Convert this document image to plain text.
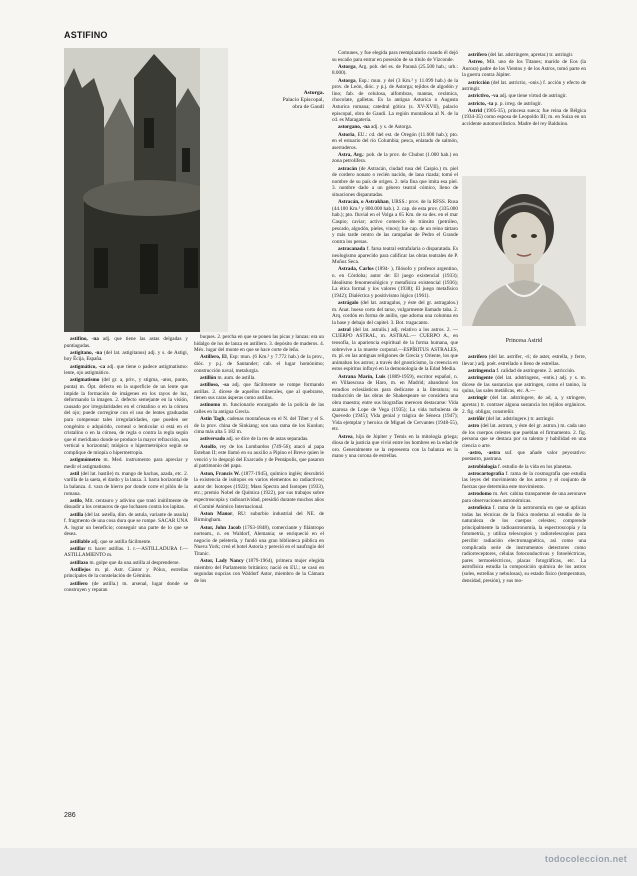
ASTIFINO
Astorga.
Palacio Episcopal,
obra de Gaudí

astifino, -na adj. que tiene las astas delgadas y puntiagudas.

astigitano, -na (del lat. astigitanus) adj. y s. de Astigi, hoy Écija, España.

astigmático, -ca adj. que tiene o padece astigmatismo: lente, ojo astigmático.

astigmatismo (del gr. a, priv., y stigma, -atos, punto, punta) m. Ópt. defecto en la superficie de un lente que impide la formación de imágenes en los rayos de luz, deformando la imagen. 2. defecto semejante en la visión, causado por irregularidades en el cristalino o en la córnea del ojo; puede corregirse con el uso de lentes graduadas para compensar tales irregularidades, que pueden ser congénito o adquirido, corneal o lenticular si está en el cristalino o en la córnea, de regla o contra la regla según que el meridiano donde se produce la mayor refracción, sea vertical u horizontal; miópico o hipermetrópico según se complique de miopía o hipermetropía.

astigmómetro m. Med. instrumento para apreciar y medir el astigmatismo.

astil (del lat. hastile) m. mango de hachas, azada, etc. 2. varilla de la saeta, el dardo y la lanza. 3. barra horizontal de la balanza. 4. vara de hierro por donde corre el pilón de la romana.

astilo, Mit. centauro y adivino que trató inútilmente de disuadir a los centauros de que luchasen contra los lapitas.

astilla (del lat. astella, dim. de astula, variante de assula) f. fragmento de una cosa dura que se rompe. SACAR UNA A. lograr un beneficio; conseguir una parte de lo que se desea.

astillable adj. que se astilla fácilmente.

astillar tr. hacer astillas. 1. r.—ASTILLADURA f.—ASTILLAMIENTO m.

astillazo m. golpe que da una astilla al desprenderse.

Astillejos m. pl. Astr. Cástor y Pólux, estrellas principales de la constelación de Géminis.

astillero (de astilla.) m. arsenal, lugar donde se construyen y reparan

buques. 2. percha en que se ponen las picas y lanzas: era un hidalgo de los de lanza en astillero. 3. depósito de maderos. 4. Méx. lugar del monte en que se hace corte de leña.

Astillero, El, Esp: mun. (6 Km.² y 7.772 hab.) de la prov., dióc. y p.j. de Santander; cab. el lugar homónimo; construcción naval, metalurgia.

astillón m. aum. de astilla.

astilloso, -sa adj. que fácilmente se rompe formando astillas. 2. dícese de aquellos minerales, que al quebrarse, tienen sus caras ásperas como astillas.

astinomo m. funcionario encargado de la policía de las calles en la antigua Grecia.

Astin Tagh, cadenas montañosas en el N. del Tíbet y el S. de la prov. china de Sinkiang; son una rama de los Kunlun; cima más alta 5 182 m.

astiversado adj. se dice de la res de astas separadas.

Astolfo, rey de los Lombardos (749-56); atacó al papa Esteban II; este llamó en su auxilio a Pipino el Breve quien le venció y lo despojó del Exarcado y de Pentápolis, que pasaron al patrimonio del papa.

Aston, Francis W. (1877-1945), químico inglés; descubrió la existencia de isótopos en varios elementos no radiactivos; autor de: Isotopes (1922); Mass Spectra and Isotopes (1933), etc.; premio Nobel de Química (1922), por sus trabajos sobre espectroscopía y radioactividad, presidió durante muchos años el Comité Atómico Internacional.

Aston Manor, RU: suburbio industrial del NE. de Birmingham.

Astor, John Jacob (1763-1848), comerciante y filántropo norteam., n. en Waldorf, Alemania; se enriqueció en el negocio de peletería, y fundó una gran biblioteca pública en Nueva York; creó el hotel Astoria y pereció en el naufragio del Titanic.

Astor, Lady Nancy (1879-1964), primera mujer elegida miembro del Parlamento británico; nació en EU.; se casó en segundas nupcias con Waldorf Astor, miembro de la Cámara de los

Comunes, y fue elegida para reemplazarlo cuando él dejó su escaño para entrar en posesión de su título de Vizconde.

Astorga, Arg. pob. del es. de Paraná (25.500 hab.; urb.: 8.000).

Astorga, Esp.: mun. y del (3 Km.² y 11.099 hab.) de la prov. de León, dióc. y p.j. de Astorga; tejidos de algodón y lino; fab. de celulosa, alfombras, mantas, cerámica, chocolate, galletas. Es la antigua Asturica o Augusta Asturica romana; catedral gótica (s. XV-XVII), palacio episcopal, obra de Gaudí. La región montañosa al N. de la cd. es Maragatería.

astorgano, -na adj. y s. de Astorga.

Astoria, EU.: cd. del est. de Oregón (11.600 hab.); pto. en el estuario del río Columbia; pesca, enlatado de salmón, aserraderos.

Astra, Arg.: pob. de la prov. de Chubut (1.000 hab.) en zona petrolífera.

astracán (de Astracán, ciudad rusa del Caspio.) m. piel de cordero nonato o recién nacido, de lana rizada; tomó el nombre de su país de origen. 2. tela fina que imita esa piel. 3. nombre dado a un género teatral cómico, lleno de situaciones disparatadas.

Astracán, o Astrakhan, URSS.: prov. de la RFSS. Rusa (44.100 Km.² y 800.000 hab.). 2. cap. de esta prov. (335.000 hab.); pto. fluvial en el Volga a 65 Km. de su des. en el mar Caspio; caviar; activo comercio de tránsito (petróleo, pescado, algodón, pieles, vinos); fue cap. de un reino tártaro y más tarde centro de las campañas de Pedro el Grande contra los persas.

astracanada f. farsa teatral estrafalaria o disparatada. Es neologismo aparecido para calificar las obras teatrales de P. Muñoz Seca.

Astrada, Carlos (1894- ), filósofo y profesor argentino, n. en Córdoba; autor de: El juego existencial (1933); Idealismo fenomenológico y metafísica existencial (1936); La ética formal y los valores (1938); El juego metafísico (1942); Dialéctica y positivismo lógico (1961).

astrágalo (del lat. astragalus, y éste del gr. astragalos.) m. Anat. hueso corto del tarso, vulgarmente llamado taba. 2. Arq. cordón en forma de anillo, que adorna una columna en la base y debajo del capitel. 3. Bot. tragacanto.

astral (del lat. astralis.) adj. relativo a los astros. 2. — CUERPO ASTRAL, m. ASTRAL.— CUERPO A., en teosofía, la apariencia espiritual de la forma humana, que sobrevive a la muerte corporal.—ESPÍRITUS ASTRALES, m. pl. en las antiguas religiones de Grecia y Oriente, los que animaban los astros; a través del gnosticismo, la creencia en estos espíritus influyó en la demonología de la Edad Media.

Astrana Marín, Luis (1889-1959), escritor español, n. en Villaescusa de Haro, m. en Madrid; abandonó los estudios eclesiásticos para dedicarse a la literatura; su traducción de las obras de Shakespeare se considera una obra maestra; entre sus biografías merecen destacarse: Vida azarosa de Lope de Vega (1935); La vida turbulenta de Quevedo (1945); Vida genial y trágica de Séneca (1947); Vida ejemplar y heroica de Miguel de Cervantes (1948-55), etc.

Astrea, hija de Júpiter y Temis en la mitología griega; diosa de la justicia que vivió entre los hombres en la edad de oro. Generalmente se la representa con la balanza en la mano y una corona de estrellas.

astrífero (del lat. adstringere, apretar.) tr. astringir.

Astreo, Mit. uno de los Titanes; marido de Eos (la Aurora) padre de los Vientos y de los Astros, tomó parte en la guerra contra Júpiter.

astricción (del lat. astrictio, -onis.) f. acción y efecto de astringir.

astrictivo, -va adj. que tiene virtud de astringir.

astricto, -ta p. p. irreg. de astringir.

Astrid (1905-35), princesa sueca; fue reina de Bélgica (1934-35) como esposa de Leopoldo III; m. en Suiza en un accidente automovilístico. Madre del rey Balduino.

Princesa Astrid

astrífero (del lat. astrifer, -ri; de aster, estrella, y ferre, llevar.) adj. poét. estrellado o lleno de estrellas.

astringencia f. calidad de astringente. 2. astricción.

astringente (del lat. adstringens, -entis.) adj. y s. m. dícese de las sustancias que astringen, como el tanino, la quina, las sales metálicas, etc. A.—

astringir (del lat. adstringere, de ad, a, y stringere, apretar.) tr. contraer alguna sustancia los tejidos orgánicos. 2. fig. obligar, constreñir.

astriñir (del lat. adstringere.) tr. astringir.

astro (del lat. astrum, y éste del gr. astron.) m. cada uno de los cuerpos celestes que pueblan el firmamento. 2. fig. persona que se destaca por su talento y habilidad en una ciencia o arte.

-astro, -astra suf. que añade valor peyorativo: poetastro, pastrana.

astrobiología f. estudio de la vida en los planetas.

astrocartografía f. rama de la cosmografía que estudia las leyes del movimiento de los astros y el conjunto de fuerzas que determina este movimiento.

astrodomo m. Aer. cabina transparente de una aeronave para observaciones astronómicas.

astrofísica f. rama de la astronomía en que se aplican todas las técnicas de la física moderna al estudio de la naturaleza de los cuerpos celestes; comprende principalmente la radioastronomía, la espectroscopía y la fotometría, y utiliza telescopios y radiotelescopios para percibir radiación electromagnética, así como una complicada serie de instrumentos detectores como radiorreceptores, células fotoconductivas y fotoeléctricas, pares termoeléctricos, placas fotográficas, etc. La astrofísica estudia la composición química de los astros (soles, estrellas y nebulosas), su estado físico (temperatura, densidad, presión), y sus mo-

286
todocoleccion.net
